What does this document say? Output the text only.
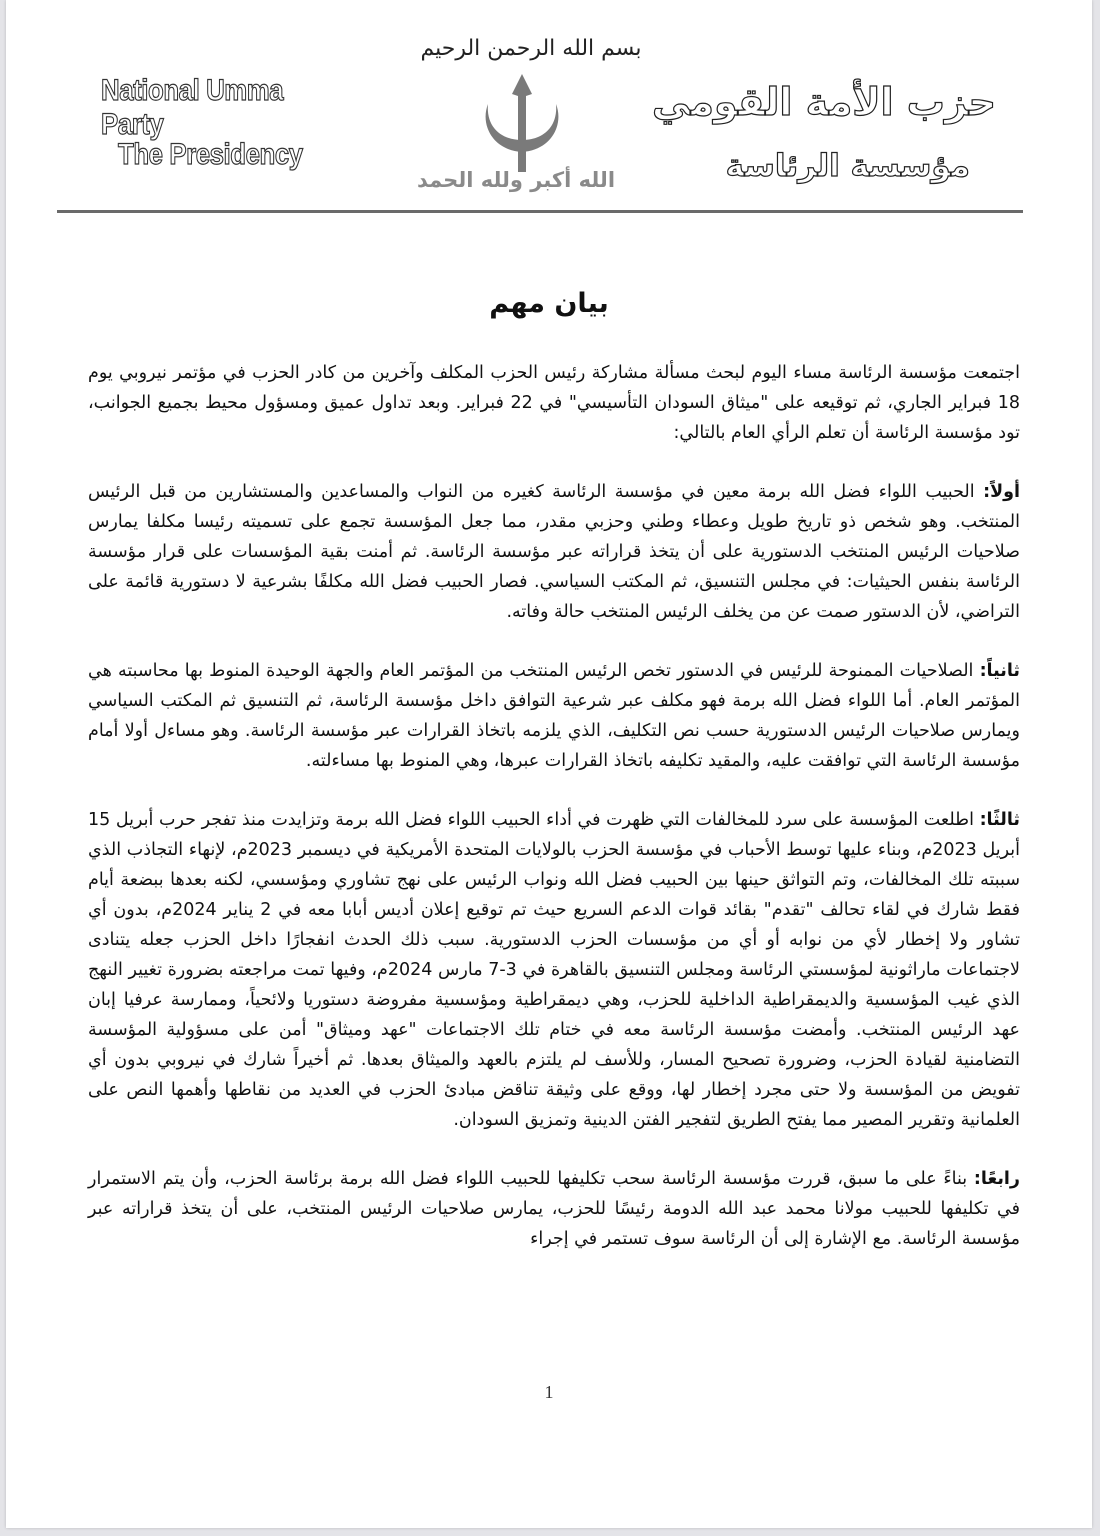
National Umma Party
The Presidency
بسم الله الرحمن الرحيم
الله أكبر ولله الحمد
حزب الأمة القومي
مؤسسة الرئاسة
بيان مهم

اجتمعت مؤسسة الرئاسة مساء اليوم لبحث مسألة مشاركة رئيس الحزب المكلف وآخرين من كادر الحزب في مؤتمر نيروبي يوم 18 فبراير الجاري، ثم توقيعه على "ميثاق السودان التأسيسي" في 22 فبراير. وبعد تداول عميق ومسؤول محيط بجميع الجوانب، تود مؤسسة الرئاسة أن تعلم الرأي العام بالتالي:

أولاً: الحبيب اللواء فضل الله برمة معين في مؤسسة الرئاسة كغيره من النواب والمساعدين والمستشارين من قبل الرئيس المنتخب. وهو شخص ذو تاريخ طويل وعطاء وطني وحزبي مقدر، مما جعل المؤسسة تجمع على تسميته رئيسا مكلفا يمارس صلاحيات الرئيس المنتخب الدستورية على أن يتخذ قراراته عبر مؤسسة الرئاسة. ثم أمنت بقية المؤسسات على قرار مؤسسة الرئاسة بنفس الحيثيات: في مجلس التنسيق، ثم المكتب السياسي. فصار الحبيب فضل الله مكلفًا بشرعية لا دستورية قائمة على التراضي، لأن الدستور صمت عن من يخلف الرئيس المنتخب حالة وفاته.

ثانياً: الصلاحيات الممنوحة للرئيس في الدستور تخص الرئيس المنتخب من المؤتمر العام والجهة الوحيدة المنوط بها محاسبته هي المؤتمر العام. أما اللواء فضل الله برمة فهو مكلف عبر شرعية التوافق داخل مؤسسة الرئاسة، ثم التنسيق ثم المكتب السياسي ويمارس صلاحيات الرئيس الدستورية حسب نص التكليف، الذي يلزمه باتخاذ القرارات عبر مؤسسة الرئاسة. وهو مساءل أولا أمام مؤسسة الرئاسة التي توافقت عليه، والمقيد تكليفه باتخاذ القرارات عبرها، وهي المنوط بها مساءلته.

ثالثًا: اطلعت المؤسسة على سرد للمخالفات التي ظهرت في أداء الحبيب اللواء فضل الله برمة وتزايدت منذ تفجر حرب أبريل 15 أبريل 2023م، وبناء عليها توسط الأحباب في مؤسسة الحزب بالولايات المتحدة الأمريكية في ديسمبر 2023م، لإنهاء التجاذب الذي سببته تلك المخالفات، وتم التواثق حينها بين الحبيب فضل الله ونواب الرئيس على نهج تشاوري ومؤسسي، لكنه بعدها ببضعة أيام فقط شارك في لقاء تحالف "تقدم" بقائد قوات الدعم السريع حيث تم توقيع إعلان أديس أبابا معه في 2 يناير 2024م، بدون أي تشاور ولا إخطار لأي من نوابه أو أي من مؤسسات الحزب الدستورية. سبب ذلك الحدث انفجارًا داخل الحزب جعله يتنادى لاجتماعات ماراثونية لمؤسستي الرئاسة ومجلس التنسيق بالقاهرة في 3-7 مارس 2024م، وفيها تمت مراجعته بضرورة تغيير النهج الذي غيب المؤسسية والديمقراطية الداخلية للحزب، وهي ديمقراطية ومؤسسية مفروضة دستوريا ولائحياً، وممارسة عرفيا إبان عهد الرئيس المنتخب. وأمضت مؤسسة الرئاسة معه في ختام تلك الاجتماعات "عهد وميثاق" أمن على مسؤولية المؤسسة التضامنية لقيادة الحزب، وضرورة تصحيح المسار، وللأسف لم يلتزم بالعهد والميثاق بعدها. ثم أخيراً شارك في نيروبي بدون أي تفويض من المؤسسة ولا حتى مجرد إخطار لها، ووقع على وثيقة تناقض مبادئ الحزب في العديد من نقاطها وأهمها النص على العلمانية وتقرير المصير مما يفتح الطريق لتفجير الفتن الدينية وتمزيق السودان.

رابعًا: بناءً على ما سبق، قررت مؤسسة الرئاسة سحب تكليفها للحبيب اللواء فضل الله برمة برئاسة الحزب، وأن يتم الاستمرار في تكليفها للحبيب مولانا محمد عبد الله الدومة رئيسًا للحزب، يمارس صلاحيات الرئيس المنتخب، على أن يتخذ قراراته عبر مؤسسة الرئاسة. مع الإشارة إلى أن الرئاسة سوف تستمر في إجراء

1
